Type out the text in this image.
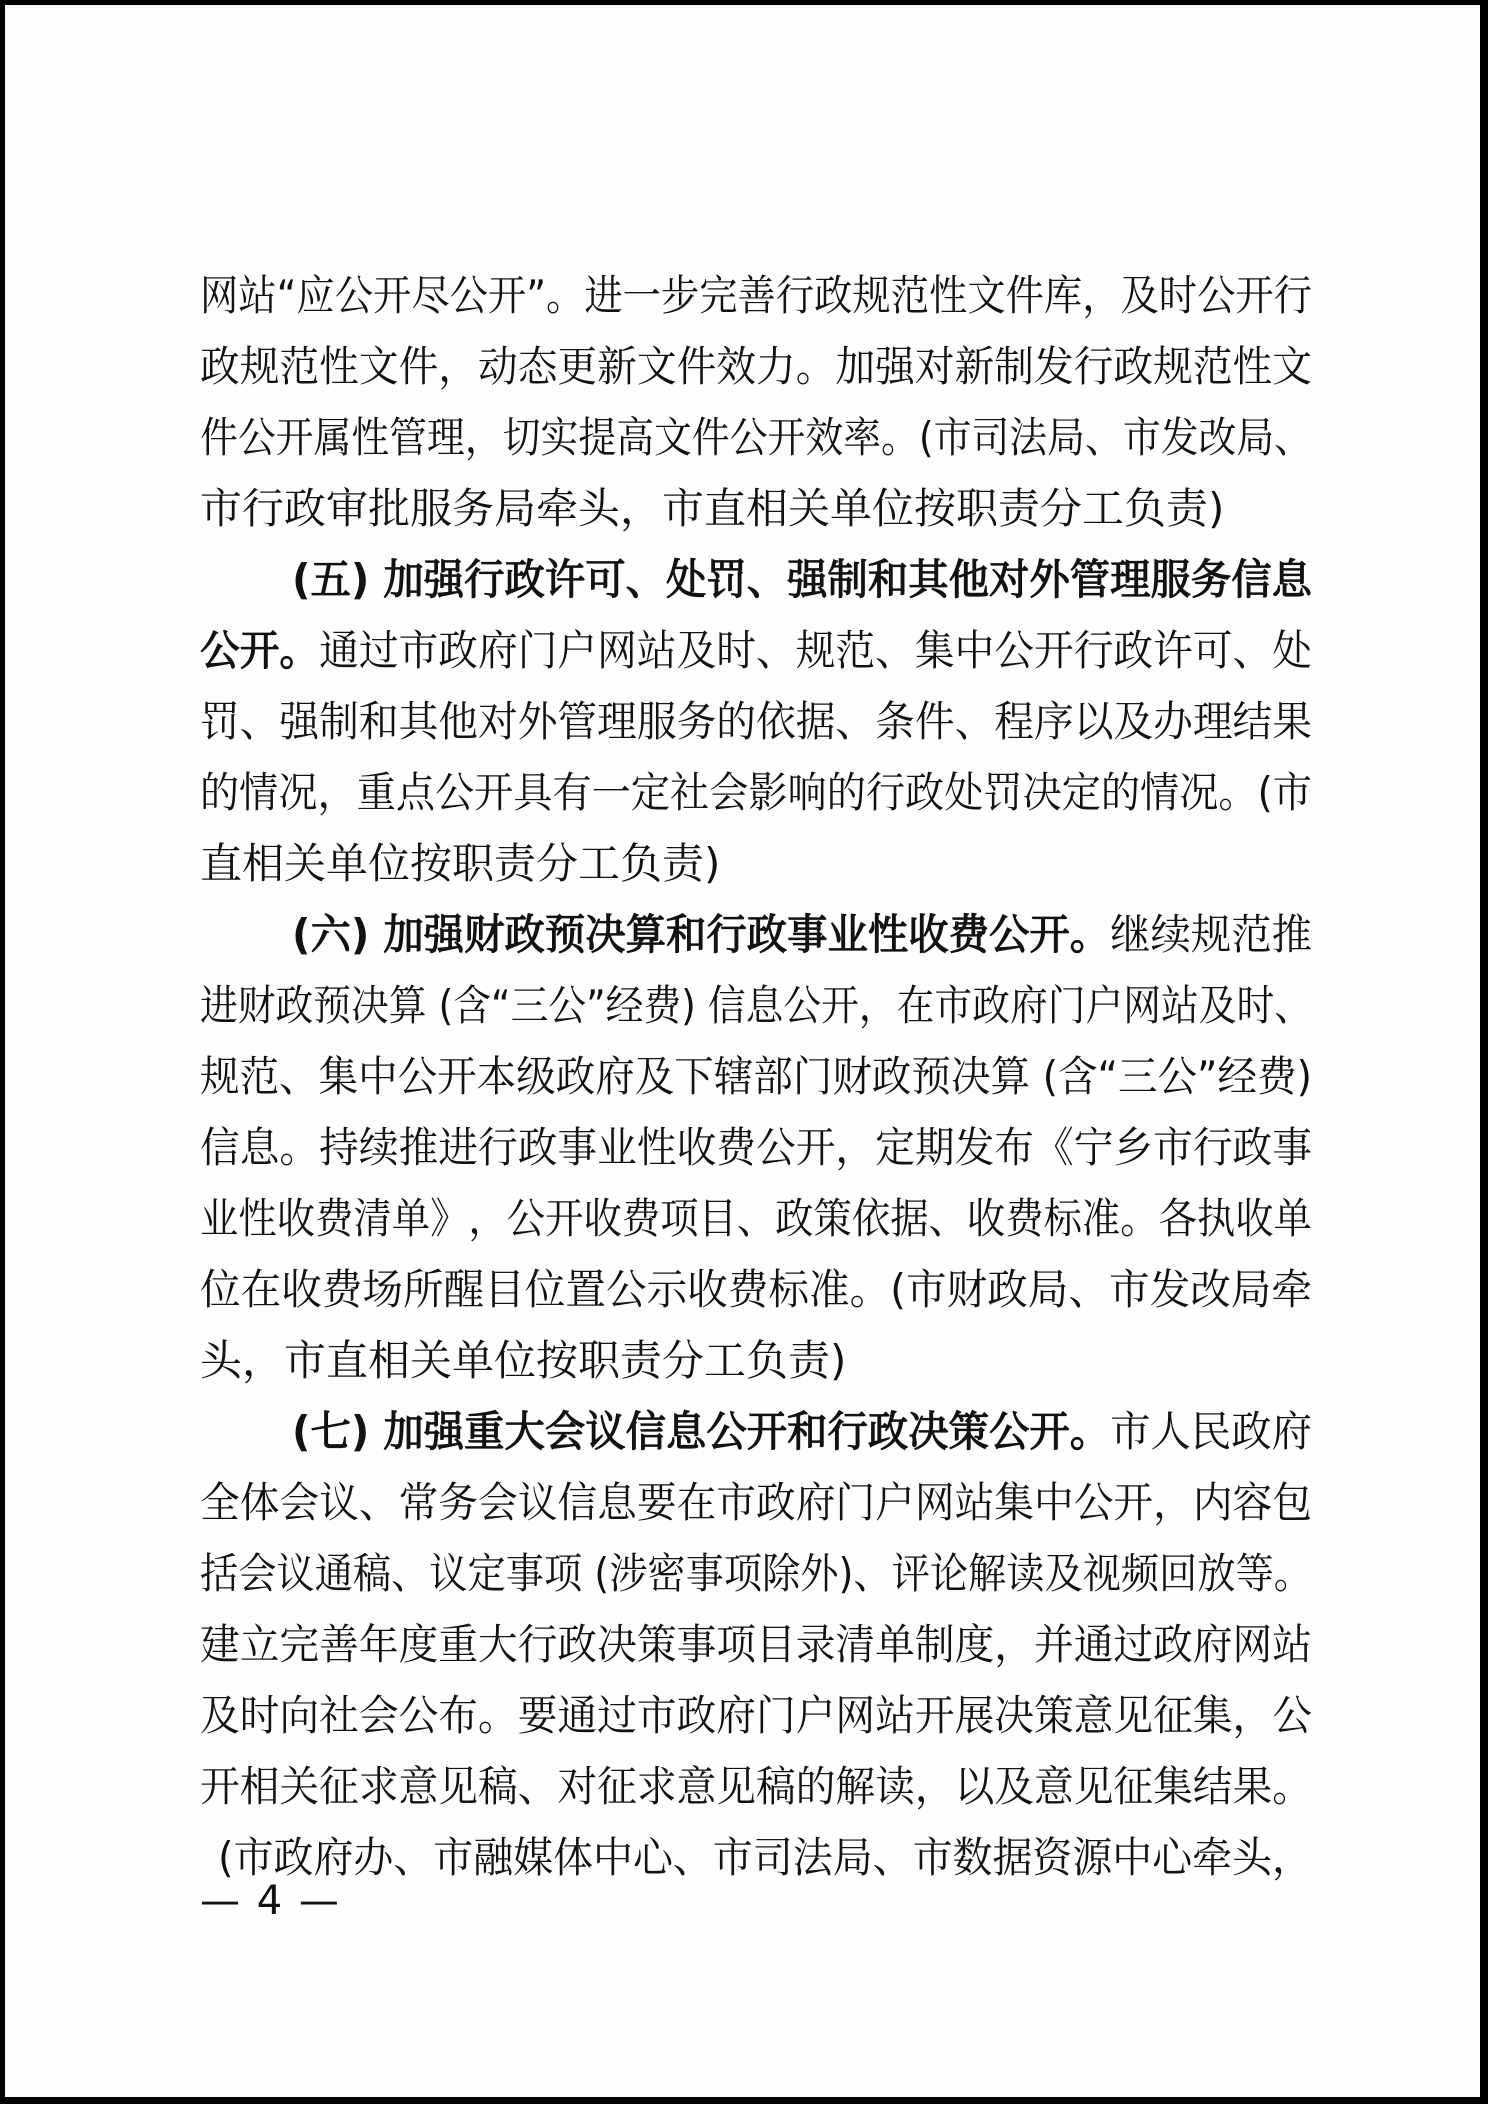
网站“应公开尽公开”。进一步完善行政规范性文件库，及时公开行
政规范性文件，动态更新文件效力。加强对新制发行政规范性文
件公开属性管理，切实提高文件公开效率。(市司法局、市发改局、
市行政审批服务局牵头，市直相关单位按职责分工负责)
(五) 加强行政许可、处罚、强制和其他对外管理服务信息
公开。通过市政府门户网站及时、规范、集中公开行政许可、处
罚、强制和其他对外管理服务的依据、条件、程序以及办理结果
的情况，重点公开具有一定社会影响的行政处罚决定的情况。(市
直相关单位按职责分工负责)
(六) 加强财政预决算和行政事业性收费公开。继续规范推
进财政预决算 (含“三公”经费) 信息公开，在市政府门户网站及时、
规范、集中公开本级政府及下辖部门财政预决算 (含“三公”经费)
信息。持续推进行政事业性收费公开，定期发布《宁乡市行政事
业性收费清单》，公开收费项目、政策依据、收费标准。各执收单
位在收费场所醒目位置公示收费标准。(市财政局、市发改局牵
头，市直相关单位按职责分工负责)
(七) 加强重大会议信息公开和行政决策公开。市人民政府
全体会议、常务会议信息要在市政府门户网站集中公开，内容包
括会议通稿、议定事项 (涉密事项除外)、评论解读及视频回放等。
建立完善年度重大行政决策事项目录清单制度，并通过政府网站
及时向社会公布。要通过市政府门户网站开展决策意见征集，公
开相关征求意见稿、对征求意见稿的解读，以及意见征集结果。
(市政府办、市融媒体中心、市司法局、市数据资源中心牵头，
— 4 —
